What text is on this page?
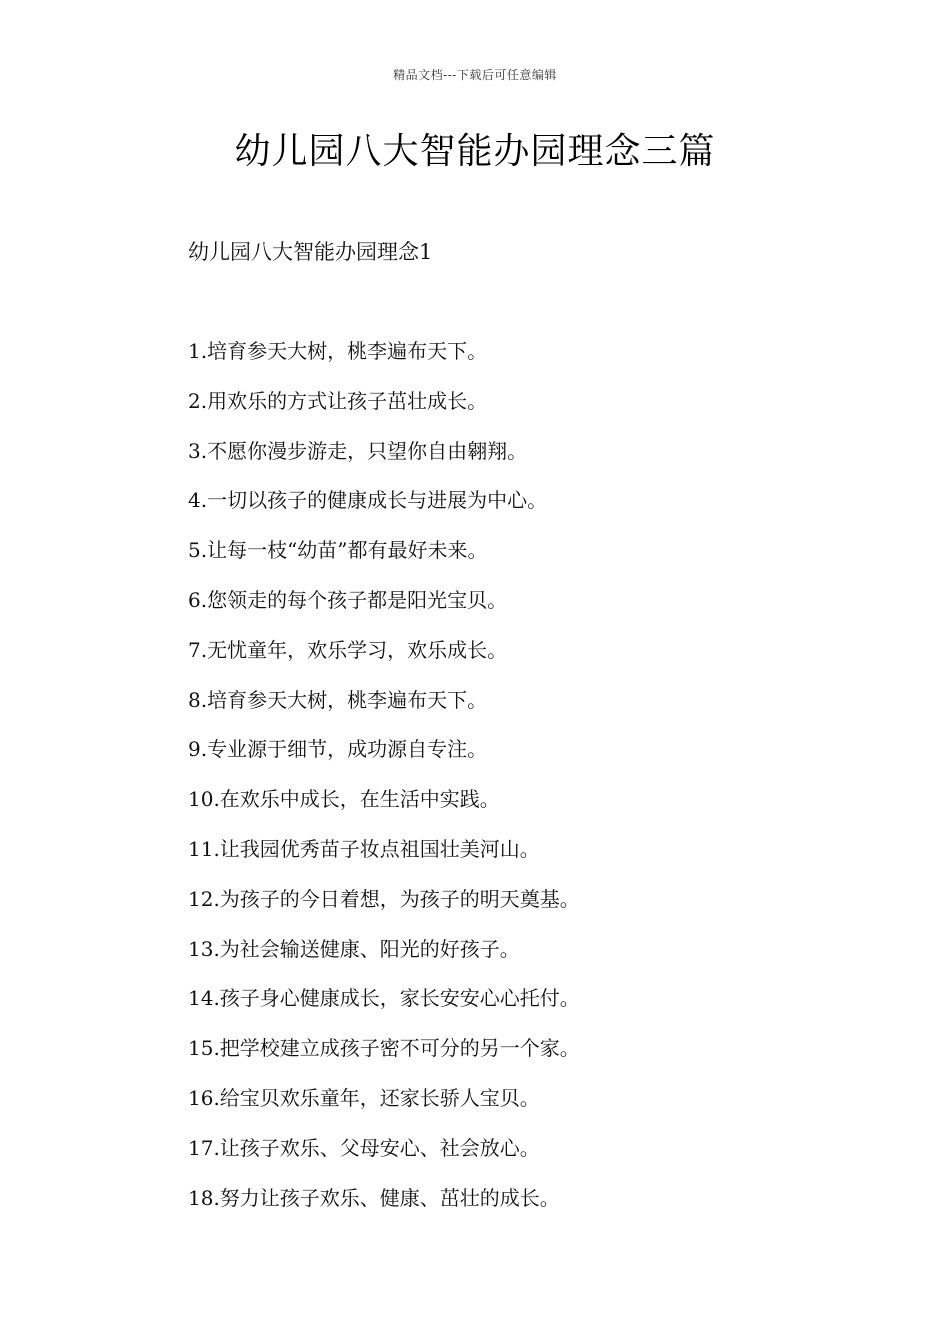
精品文档---下载后可任意编辑
幼儿园八大智能办园理念三篇
幼儿园八大智能办园理念1
1.培育参天大树，桃李遍布天下。
2.用欢乐的方式让孩子茁壮成长。
3.不愿你漫步游走，只望你自由翱翔。
4.一切以孩子的健康成长与进展为中心。
5.让每一枝“幼苗”都有最好未来。
6.您领走的每个孩子都是阳光宝贝。
7.无忧童年，欢乐学习，欢乐成长。
8.培育参天大树，桃李遍布天下。
9.专业源于细节，成功源自专注。
10.在欢乐中成长，在生活中实践。
11.让我园优秀苗子妆点祖国壮美河山。
12.为孩子的今日着想，为孩子的明天奠基。
13.为社会输送健康、阳光的好孩子。
14.孩子身心健康成长，家长安安心心托付。
15.把学校建立成孩子密不可分的另一个家。
16.给宝贝欢乐童年，还家长骄人宝贝。
17.让孩子欢乐、父母安心、社会放心。
18.努力让孩子欢乐、健康、茁壮的成长。
